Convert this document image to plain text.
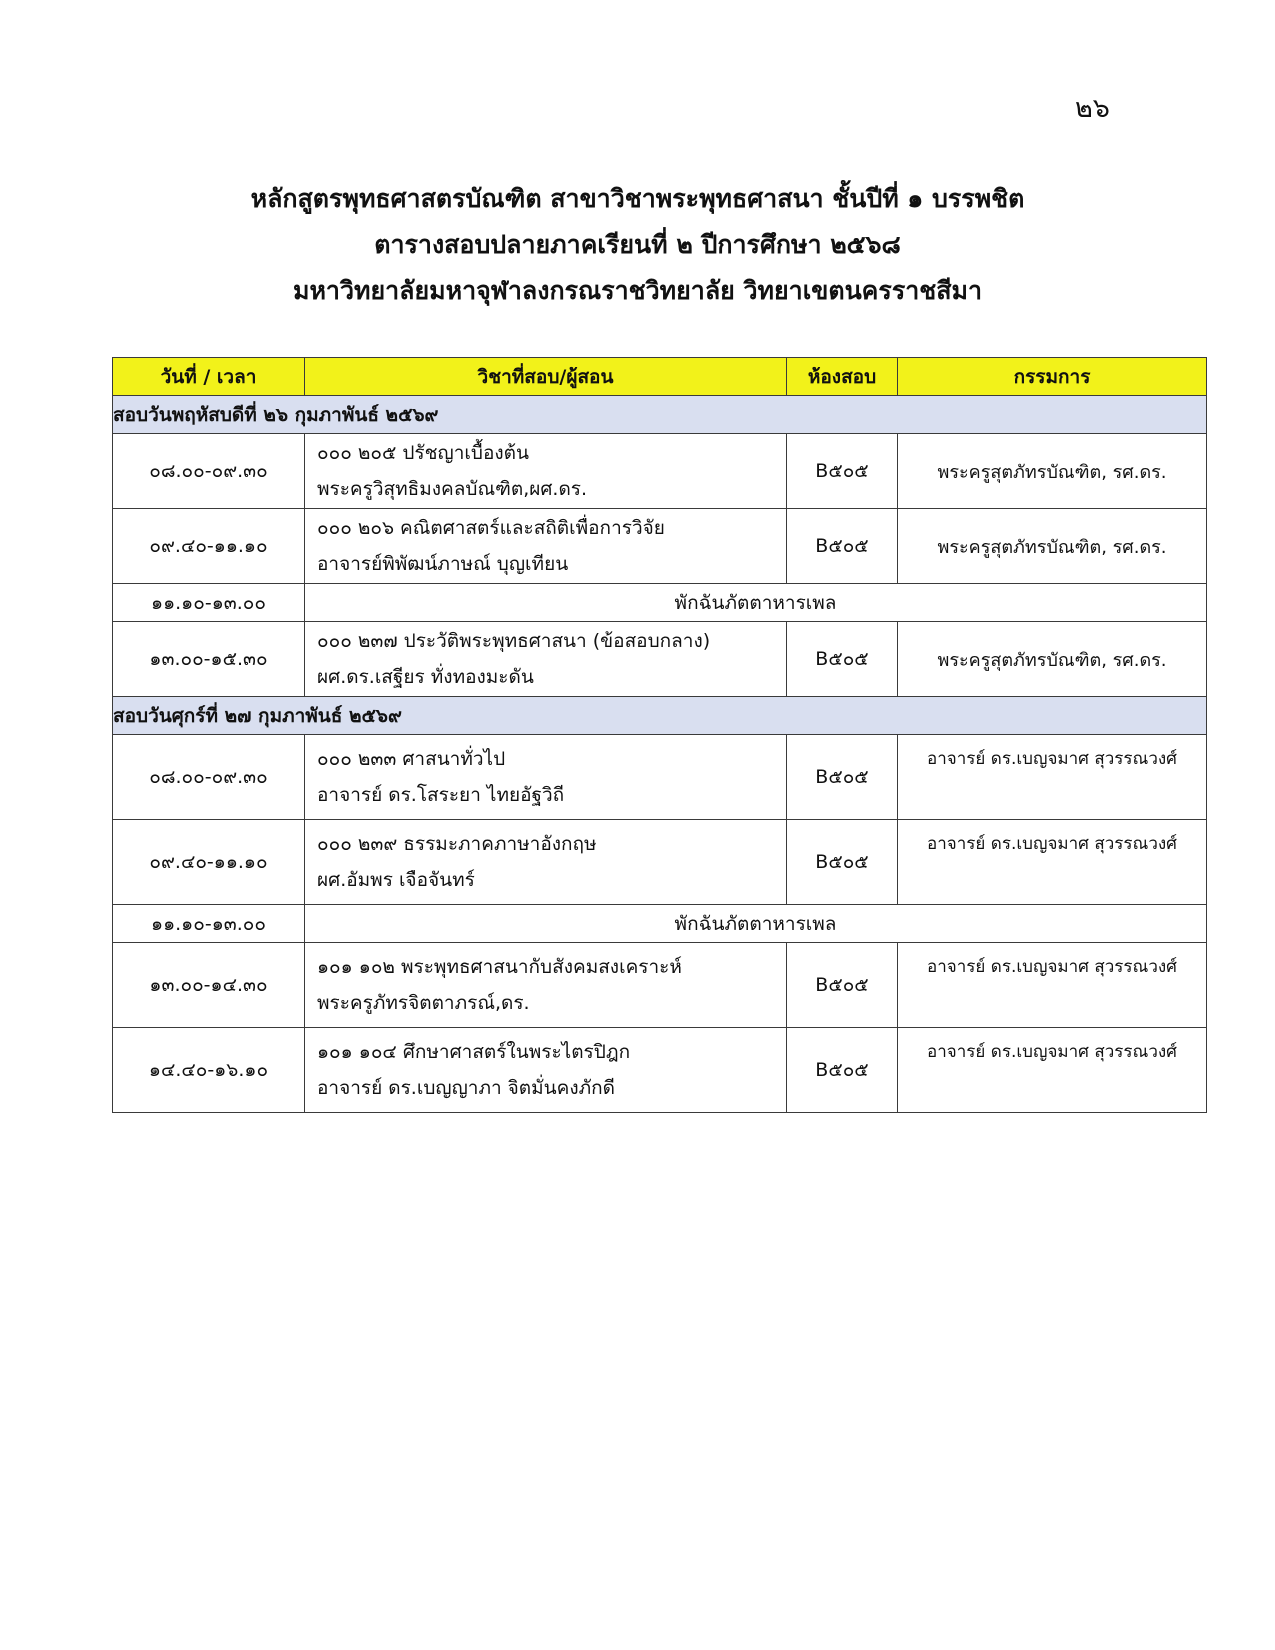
๒๖
หลักสูตรพุทธศาสตรบัณฑิต สาขาวิชาพระพุทธศาสนา ชั้นปีที่ ๑ บรรพชิต
ตารางสอบปลายภาคเรียนที่ ๒ ปีการศึกษา ๒๕๖๘
มหาวิทยาลัยมหาจุฬาลงกรณราชวิทยาลัย วิทยาเขตนครราชสีมา
วันที่ / เวลา	วิชาที่สอบ/ผู้สอน	ห้องสอบ	กรรมการ
สอบวันพฤหัสบดีที่ ๒๖ กุมภาพันธ์ ๒๕๖๙			
๐๘.๐๐-๐๙.๓๐	๐๐๐ ๒๐๕ ปรัชญาเบื้องต้น
พระครูวิสุทธิมงคลบัณฑิต,ผศ.ดร.	B๕๐๕	พระครูสุตภัทรบัณฑิต, รศ.ดร.
๐๙.๔๐-๑๑.๑๐	๐๐๐ ๒๐๖ คณิตศาสตร์และสถิติเพื่อการวิจัย
อาจารย์พิพัฒน์ภาษณ์ บุญเทียน	B๕๐๕	พระครูสุตภัทรบัณฑิต, รศ.ดร.
๑๑.๑๐-๑๓.๐๐	พักฉันภัตตาหารเพล		
๑๓.๐๐-๑๕.๓๐	๐๐๐ ๒๓๗ ประวัติพระพุทธศาสนา (ข้อสอบกลาง)
ผศ.ดร.เสฐียร ทั่งทองมะดัน	B๕๐๕	พระครูสุตภัทรบัณฑิต, รศ.ดร.
สอบวันศุกร์ที่ ๒๗ กุมภาพันธ์ ๒๕๖๙			
๐๘.๐๐-๐๙.๓๐	๐๐๐ ๒๓๓ ศาสนาทั่วไป
อาจารย์ ดร.โสระยา ไทยอัฐวิถี	B๕๐๕	อาจารย์ ดร.เบญจมาศ สุวรรณวงศ์
๐๙.๔๐-๑๑.๑๐	๐๐๐ ๒๓๙ ธรรมะภาคภาษาอังกฤษ
ผศ.อัมพร เจือจันทร์	B๕๐๕	อาจารย์ ดร.เบญจมาศ สุวรรณวงศ์
๑๑.๑๐-๑๓.๐๐	พักฉันภัตตาหารเพล		
๑๓.๐๐-๑๔.๓๐	๑๐๑ ๑๐๒ พระพุทธศาสนากับสังคมสงเคราะห์
พระครูภัทรจิตตาภรณ์,ดร.	B๕๐๕	อาจารย์ ดร.เบญจมาศ สุวรรณวงศ์
๑๔.๔๐-๑๖.๑๐	๑๐๑ ๑๐๔ ศึกษาศาสตร์ในพระไตรปิฎก
อาจารย์ ดร.เบญญาภา จิตมั่นคงภักดี	B๕๐๕	อาจารย์ ดร.เบญจมาศ สุวรรณวงศ์
